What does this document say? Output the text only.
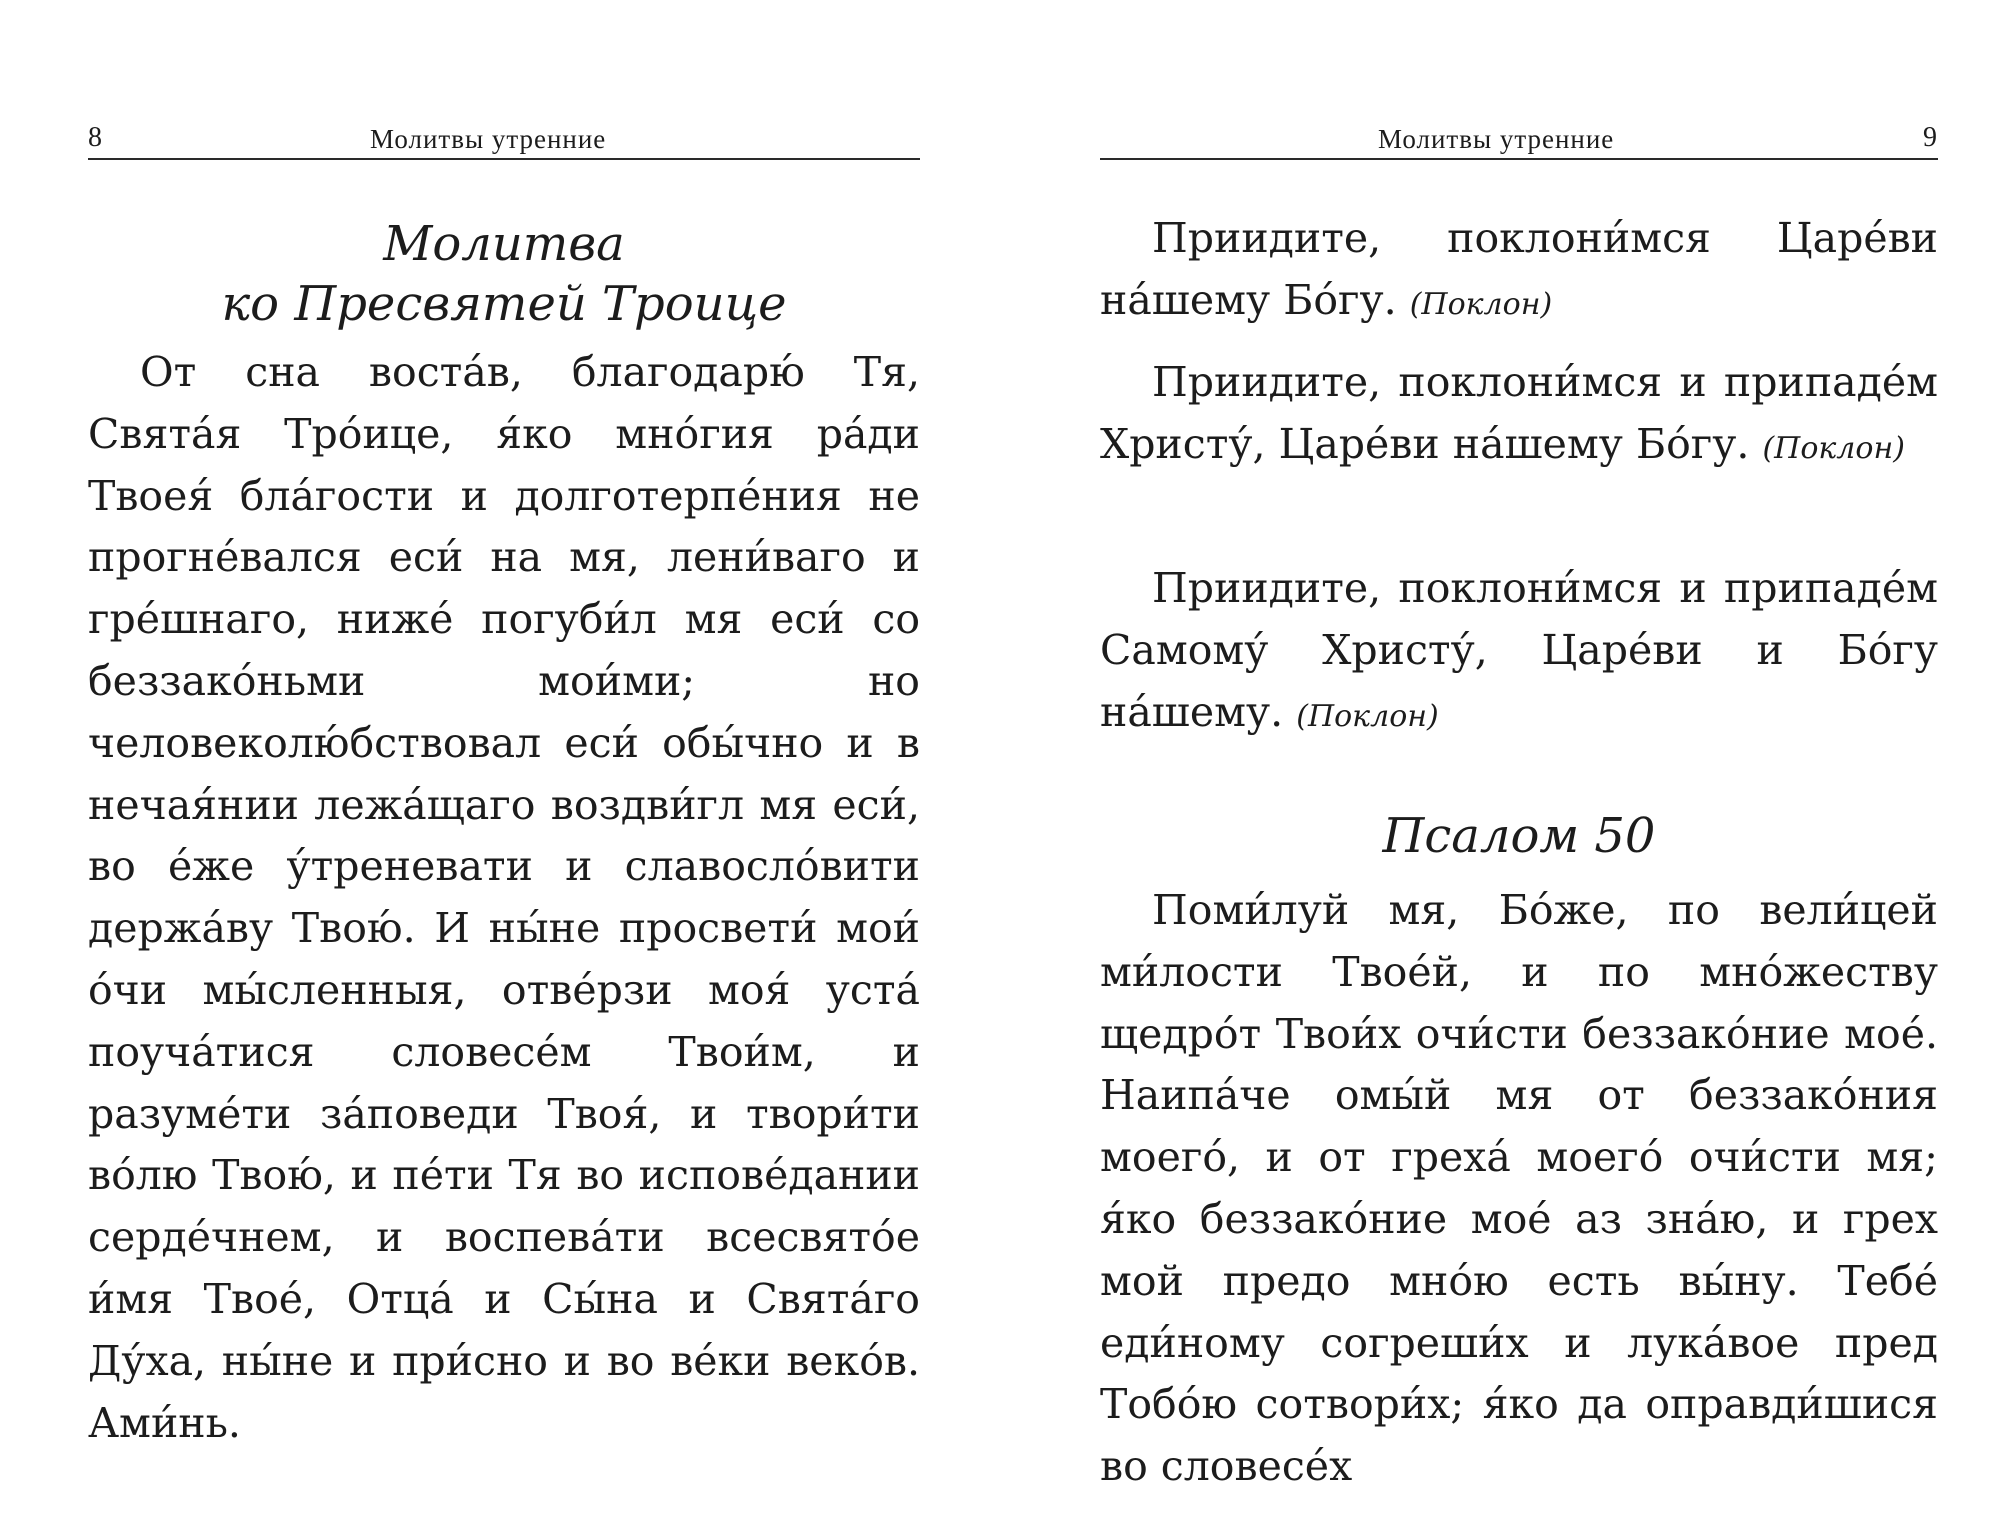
8	Молитвы утренние
Молитва
ко Пресвятей Троице

От сна воста́в, благодарю́ Тя, Свята́я Тро́ице, я́ко мно́гия ра́ди Твоея́ бла́гости и долготерпе́ния не прогне́вался еси́ на мя, лени́ваго и гре́шнаго, ниже́ погуби́л мя еси́ со беззако́ньми мои́ми; но человеколю́бствовал еси́ обы́чно и в нечая́нии лежа́щаго воздви́гл мя еси́, во е́же у́треневати и славосло́вити держа́ву Твою́. И ны́не просвети́ мои́ о́чи мы́сленныя, отве́рзи моя́ уста́ поуча́тися словесе́м Твои́м, и разуме́ти за́поведи Твоя́, и твори́ти во́лю Твою́, и пе́ти Тя во испове́дании серде́чнем, и воспева́ти всесвято́е и́мя Твое́, Отца́ и Сы́на и Свята́го Ду́ха, ны́не и при́сно и во ве́ки веко́в. Ами́нь.

Молитвы утренние	9

Приидите, поклони́мся Царе́ви на́шему Бо́гу. (Поклон)

Приидите, поклони́мся и припаде́м Христу́, Царе́ви на́шему Бо́гу. (Поклон)

Приидите, поклони́мся и припаде́м Самому́ Христу́, Царе́ви и Бо́гу на́шему. (Поклон)

Псалом 50

Поми́луй мя, Бо́же, по вели́цей ми́лости Твое́й, и по мно́жеству щедро́т Твои́х очи́сти беззако́ние мое́. Наипа́че омы́й мя от беззако́ния моего́, и от греха́ моего́ очи́сти мя; я́ко беззако́ние мое́ аз зна́ю, и грех мой предо мно́ю есть вы́ну. Тебе́ еди́ному согреши́х и лука́вое пред Тобо́ю сотвори́х; я́ко да оправди́шися во словесе́х
